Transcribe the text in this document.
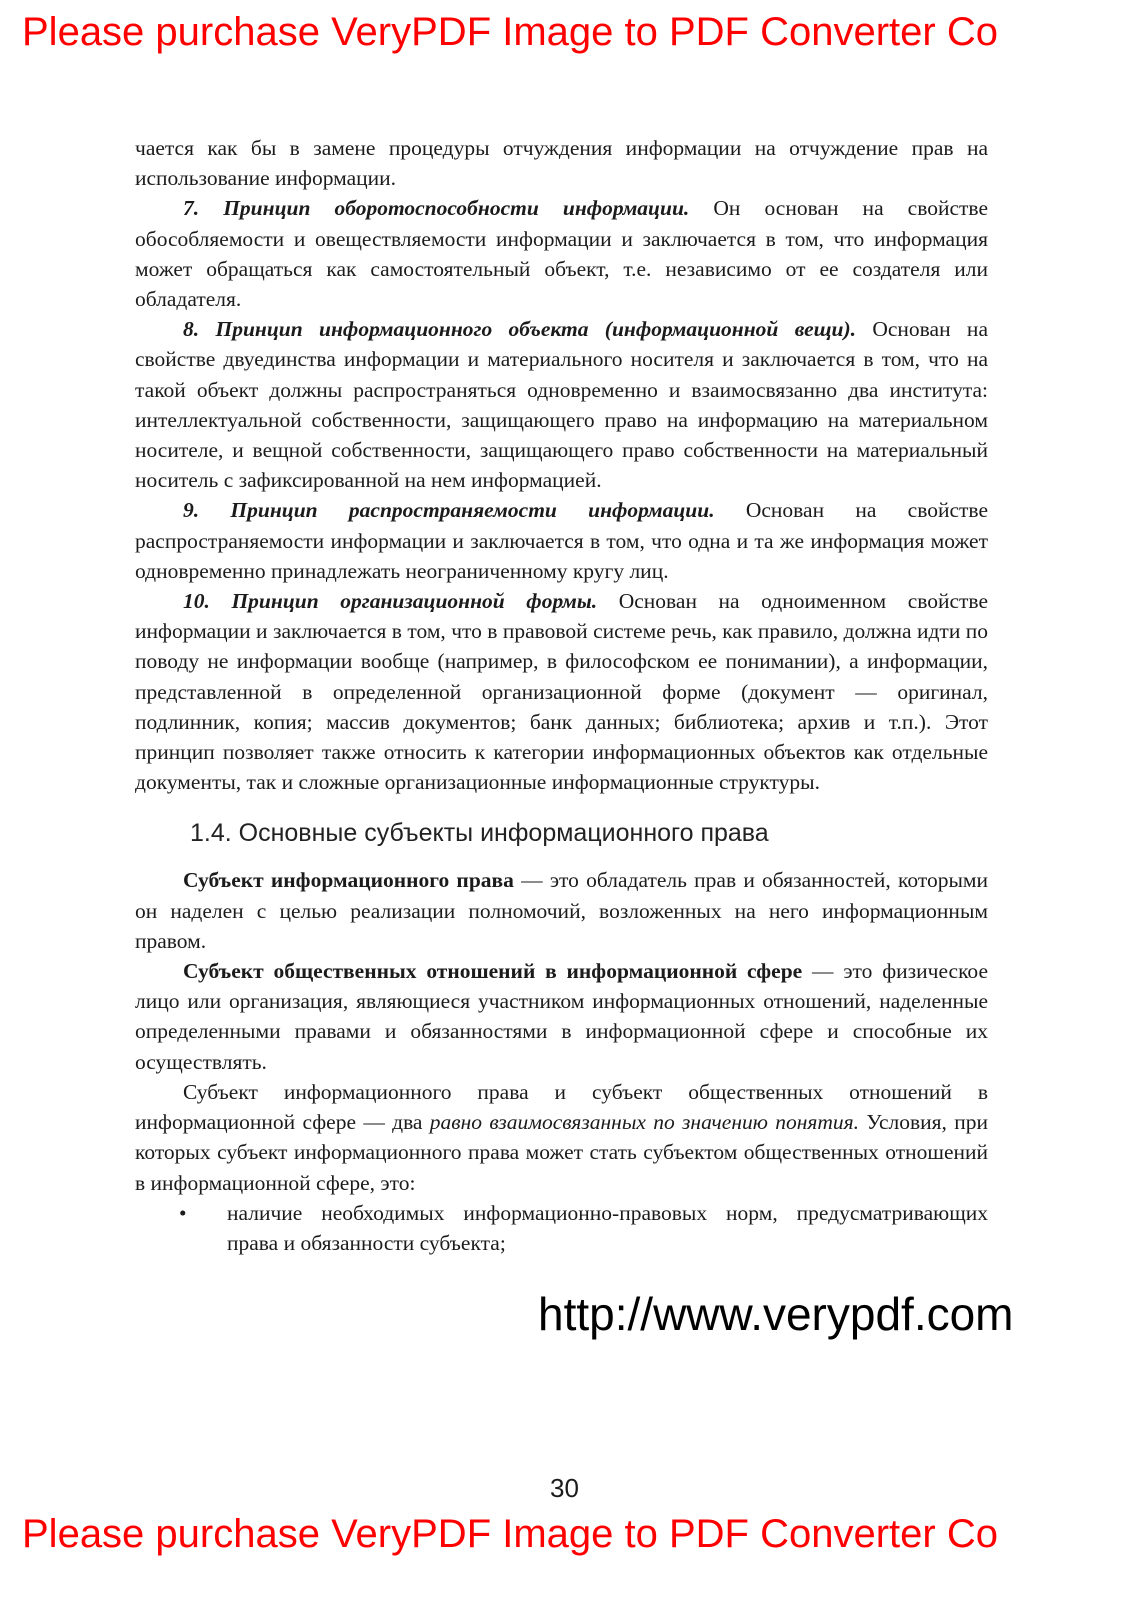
Please purchase VeryPDF Image to PDF Converter Co

чается как бы в замене процедуры отчуждения информации на отчуждение прав на использование информации.

7. Принцип оборотоспособности информации. Он основан на свойстве обособляемости и овеществляемости информации и заключается в том, что информация может обращаться как самостоятельный объект, т.е. независимо от ее создателя или обладателя.

8. Принцип информационного объекта (информационной вещи). Основан на свойстве двуединства информации и материального носителя и заключается в том, что на такой объект должны распространяться одновременно и взаимосвязанно два института: интеллектуальной собственности, защищающего право на информацию на материальном носителе, и вещной собственности, защищающего право собственности на материальный носитель с зафиксированной на нем информацией.

9. Принцип распространяемости информации. Основан на свойстве распространяемости информации и заключается в том, что одна и та же информация может одновременно принадлежать неограниченному кругу лиц.

10. Принцип организационной формы. Основан на одноименном свойстве информации и заключается в том, что в правовой системе речь, как правило, должна идти по поводу не информации вообще (например, в философском ее понимании), а информации, представленной в определенной организационной форме (документ — оригинал, подлинник, копия; массив документов; банк данных; библиотека; архив и т.п.). Этот принцип позволяет также относить к категории информационных объектов как отдельные документы, так и сложные организационные информационные структуры.

1.4. Основные субъекты информационного права

Субъект информационного права — это обладатель прав и обязанностей, которыми он наделен с целью реализации полномочий, возложенных на него информационным правом.

Субъект общественных отношений в информационной сфере — это физическое лицо или организация, являющиеся участником информационных отношений, наделенные определенными правами и обязанностями в информационной сфере и способные их осуществлять.

Субъект информационного права и субъект общественных отношений в информационной сфере — два равно взаимосвязанных по значению понятия. Условия, при которых субъект информационного права может стать субъектом общественных отношений в информационной сфере, это:

• наличие необходимых информационно-правовых норм, предусматривающих права и обязанности субъекта;

30
http://www.verypdf.com
Please purchase VeryPDF Image to PDF Converter Co
